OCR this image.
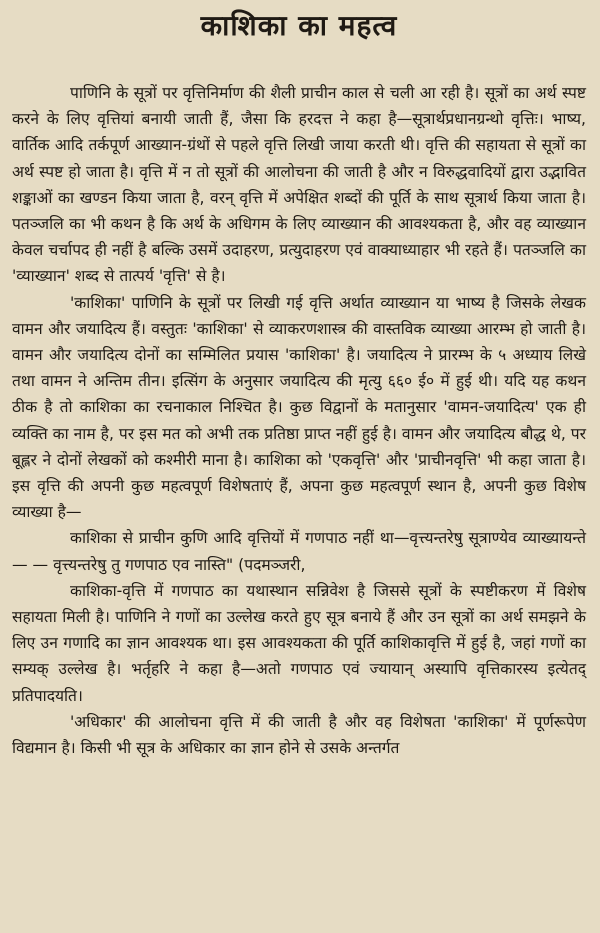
काशिका का महत्व

पाणिनि के सूत्रों पर वृत्तिनिर्माण की शैली प्राचीन काल से चली आ रही है। सूत्रों का अर्थ स्पष्ट करने के लिए वृत्तियां बनायी जाती हैं, जैसा कि हरदत्त ने कहा है—सूत्रार्थप्रधानग्रन्थो वृत्तिः। भाष्य, वार्तिक आदि तर्कपूर्ण आख्यान-ग्रंथों से पहले वृत्ति लिखी जाया करती थी। वृत्ति की सहायता से सूत्रों का अर्थ स्पष्ट हो जाता है। वृत्ति में न तो सूत्रों की आलोचना की जाती है और न विरुद्धवादियों द्वारा उद्भावित शङ्काओं का खण्डन किया जाता है, वरन् वृत्ति में अपेक्षित शब्दों की पूर्ति के साथ सूत्रार्थ किया जाता है। पतञ्जलि का भी कथन है कि अर्थ के अधिगम के लिए व्याख्यान की आवश्यकता है, और वह व्याख्यान केवल चर्चापद ही नहीं है बल्कि उसमें उदाहरण, प्रत्युदाहरण एवं वाक्याध्याहार भी रहते हैं। पतञ्जलि का 'व्याख्यान' शब्द से तात्पर्य 'वृत्ति' से है।

'काशिका' पाणिनि के सूत्रों पर लिखी गई वृत्ति अर्थात व्याख्यान या भाष्य है जिसके लेखक वामन और जयादित्य हैं। वस्तुतः 'काशिका' से व्याकरणशास्त्र की वास्तविक व्याख्या आरम्भ हो जाती है। वामन और जयादित्य दोनों का सम्मिलित प्रयास 'काशिका' है। जयादित्य ने प्रारम्भ के ५ अध्याय लिखे तथा वामन ने अन्तिम तीन। इत्सिंग के अनुसार जयादित्य की मृत्यु ६६० ई० में हुई थी। यदि यह कथन ठीक है तो काशिका का रचनाकाल निश्चित है। कुछ विद्वानों के मतानुसार 'वामन-जयादित्य' एक ही व्यक्ति का नाम है, पर इस मत को अभी तक प्रतिष्ठा प्राप्त नहीं हुई है। वामन और जयादित्य बौद्ध थे, पर बूह्लर ने दोनों लेखकों को कश्मीरी माना है। काशिका को 'एकवृत्ति' और 'प्राचीनवृत्ति' भी कहा जाता है। इस वृत्ति की अपनी कुछ महत्वपूर्ण विशेषताएं हैं, अपना कुछ महत्वपूर्ण स्थान है, अपनी कुछ विशेष व्याख्या है—

काशिका से प्राचीन कुणि आदि वृत्तियों में गणपाठ नहीं था—वृत्त्यन्तरेषु सूत्राण्येव व्याख्यायन्ते — — वृत्त्यन्तरेषु तु गणपाठ एव नास्ति" (पदमञ्जरी,

काशिका-वृत्ति में गणपाठ का यथास्थान सन्निवेश है जिससे सूत्रों के स्पष्टीकरण में विशेष सहायता मिली है। पाणिनि ने गणों का उल्लेख करते हुए सूत्र बनाये हैं और उन सूत्रों का अर्थ समझने के लिए उन गणादि का ज्ञान आवश्यक था। इस आवश्यकता की पूर्ति काशिकावृत्ति में हुई है, जहां गणों का सम्यक् उल्लेख है। भर्तृहरि ने कहा है—अतो गणपाठ एवं ज्यायान् अस्यापि वृत्तिकारस्य इत्येतद् प्रतिपादयति।

'अधिकार' की आलोचना वृत्ति में की जाती है और वह विशेषता 'काशिका' में पूर्णरूपेण विद्यमान है। किसी भी सूत्र के अधिकार का ज्ञान होने से उसके अन्तर्गत
